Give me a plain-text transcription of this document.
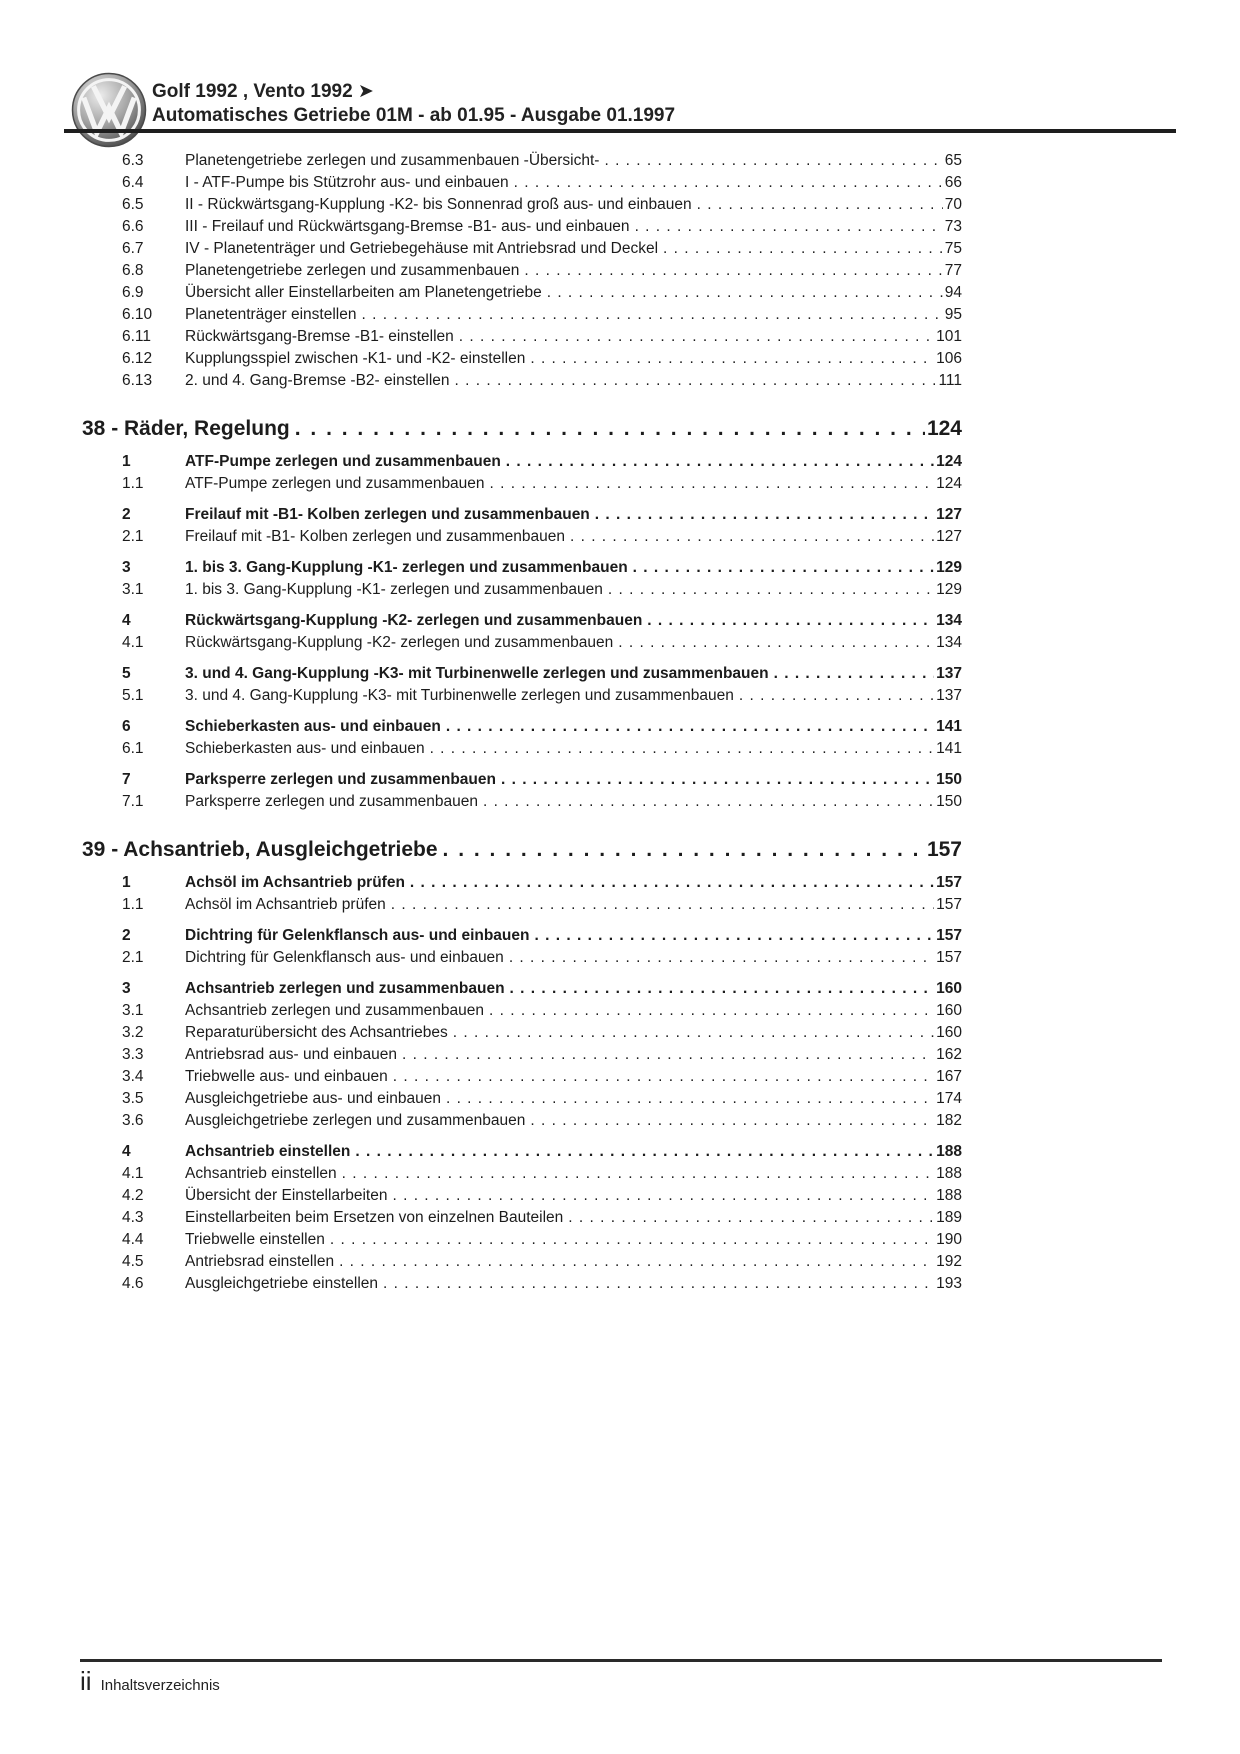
Golf 1992 , Vento 1992 ➤
Automatisches Getriebe 01M - ab 01.95 - Ausgabe 01.1997
6.3	Planetengetriebe zerlegen und zusammenbauen -Übersicht- . . .	65
6.4	I - ATF-Pumpe bis Stützrohr aus- und einbauen . . .	66
6.5	II - Rückwärtsgang-Kupplung -K2- bis Sonnenrad groß aus- und einbauen . . .	70
6.6	III - Freilauf und Rückwärtsgang-Bremse -B1- aus- und einbauen . . .	73
6.7	IV - Planetenträger und Getriebegehäuse mit Antriebsrad und Deckel . . .	75
6.8	Planetengetriebe zerlegen und zusammenbauen . . .	77
6.9	Übersicht aller Einstellarbeiten am Planetengetriebe . . .	94
6.10	Planetenträger einstellen . . .	95
6.11	Rückwärtsgang-Bremse -B1- einstellen . . .	101
6.12	Kupplungsspiel zwischen -K1- und -K2- einstellen . . .	106
6.13	2. und 4. Gang-Bremse -B2- einstellen . . .	111
38 - Räder, Regelung . . .	124
1	ATF-Pumpe zerlegen und zusammenbauen . . .	124
1.1	ATF-Pumpe zerlegen und zusammenbauen . . .	124
2	Freilauf mit -B1- Kolben zerlegen und zusammenbauen . . .	127
2.1	Freilauf mit -B1- Kolben zerlegen und zusammenbauen . . .	127
3	1. bis 3. Gang-Kupplung -K1- zerlegen und zusammenbauen . . .	129
3.1	1. bis 3. Gang-Kupplung -K1- zerlegen und zusammenbauen . . .	129
4	Rückwärtsgang-Kupplung -K2- zerlegen und zusammenbauen . . .	134
4.1	Rückwärtsgang-Kupplung -K2- zerlegen und zusammenbauen . . .	134
5	3. und 4. Gang-Kupplung -K3- mit Turbinenwelle zerlegen und zusammenbauen . . .	137
5.1	3. und 4. Gang-Kupplung -K3- mit Turbinenwelle zerlegen und zusammenbauen . . .	137
6	Schieberkasten aus- und einbauen . . .	141
6.1	Schieberkasten aus- und einbauen . . .	141
7	Parksperre zerlegen und zusammenbauen . . .	150
7.1	Parksperre zerlegen und zusammenbauen . . .	150
39 - Achsantrieb, Ausgleichgetriebe . . .	157
1	Achsöl im Achsantrieb prüfen . . .	157
1.1	Achsöl im Achsantrieb prüfen . . .	157
2	Dichtring für Gelenkflansch aus- und einbauen . . .	157
2.1	Dichtring für Gelenkflansch aus- und einbauen . . .	157
3	Achsantrieb zerlegen und zusammenbauen . . .	160
3.1	Achsantrieb zerlegen und zusammenbauen . . .	160
3.2	Reparaturübersicht des Achsantriebes . . .	160
3.3	Antriebsrad aus- und einbauen . . .	162
3.4	Triebwelle aus- und einbauen . . .	167
3.5	Ausgleichgetriebe aus- und einbauen . . .	174
3.6	Ausgleichgetriebe zerlegen und zusammenbauen . . .	182
4	Achsantrieb einstellen . . .	188
4.1	Achsantrieb einstellen . . .	188
4.2	Übersicht der Einstellarbeiten . . .	188
4.3	Einstellarbeiten beim Ersetzen von einzelnen Bauteilen . . .	189
4.4	Triebwelle einstellen . . .	190
4.5	Antriebsrad einstellen . . .	192
4.6	Ausgleichgetriebe einstellen . . .	193
ii Inhaltsverzeichnis
